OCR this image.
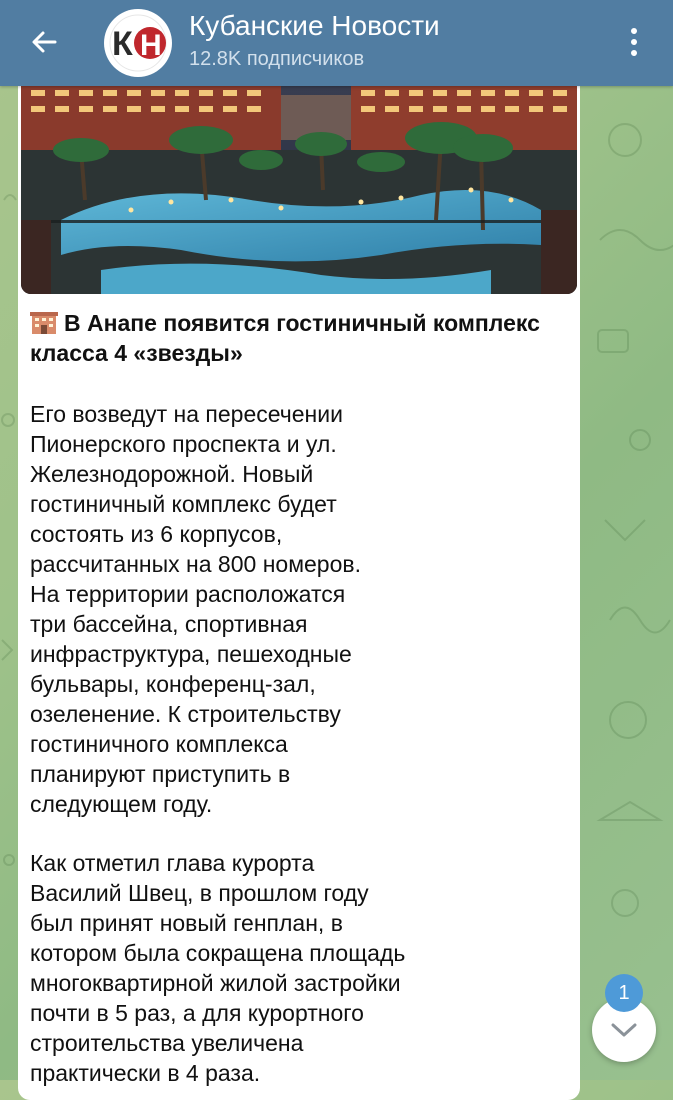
К Н
Кубанские Новости
12.8K подписчиков
В Анапе появится гостиничный комплекс класса 4 «звезды»
Его возведут на пересечении
Пионерского проспекта и ул.
Железнодорожной. Новый
гостиничный комплекс будет
состоять из 6 корпусов,
рассчитанных на 800 номеров.
На территории расположатся
три бассейна, спортивная
инфраструктура, пешеходные
бульвары, конференц-зал,
озеленение. К строительству
гостиничного комплекса
планируют приступить в
следующем году.
Как отметил глава курорта
Василий Швец, в прошлом году
был принят новый генплан, в
котором была сокращена площадь
многоквартирной жилой застройки
почти в 5 раз, а для курортного
строительства увеличена
практически в 4 раза.
1
